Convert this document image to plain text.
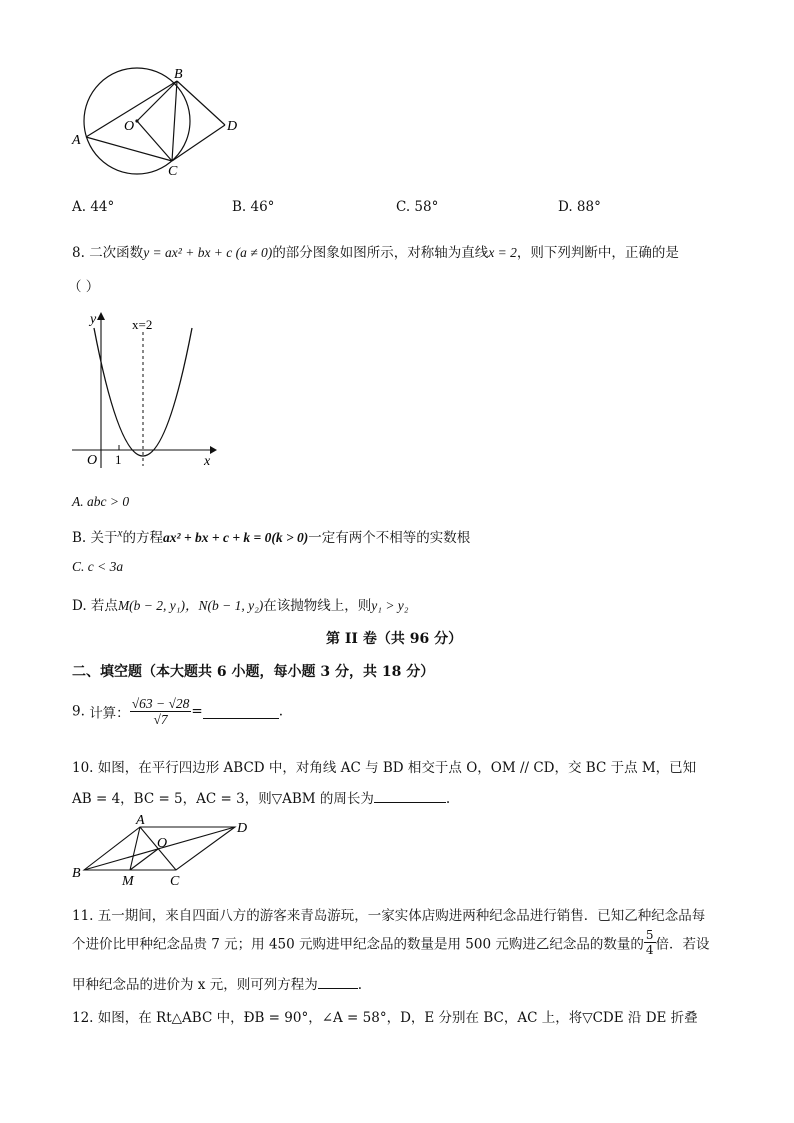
A
B
C
D
O
A. 44°	B. 46°	C. 58°	D. 88°
8. 二次函数y = ax² + bx + c (a ≠ 0)的部分图象如图所示，对称轴为直线x = 2，则下列判断中，正确的是
（ ）
y
x
O 1
x=2
A. abc > 0
B. 关于$^x$的方程ax² + bx + c + k = 0(k > 0)一定有两个不相等的实数根
C. c < 3a
D. 若点M(b − 2, y₁)，N(b − 1, y₂)在该抛物线上，则y₁ > y₂
第 II 卷（共 96 分）
二、填空题（本大题共 6 小题，每小题 3 分，共 18 分）
9. 计算： $\frac{√63 - √28}{√7}$ =	.
10. 如图，在平行四边形 ABCD 中，对角线 AC 与 BD 相交于点 O，OM // CD，交 BC 于点 M，已知
AB = 4，BC = 5，AC = 3，则▽ABM 的周长为	.
A
B
C
D
O
M
11. 五一期间，来自四面八方的游客来青岛游玩，一家实体店购进两种纪念品进行销售．已知乙种纪念品每
个进价比甲种纪念品贵 7 元；用 450 元购进甲纪念品的数量是用 500 元购进乙纪念品的数量的 $\frac{5}{4}$ 倍．若设
甲种纪念品的进价为 x 元，则可列方程为	.
12. 如图，在 Rt△ABC 中，ÐB = 90°，∠A = 58°，D，E 分别在 BC，AC 上，将▽CDE 沿 DE 折叠
